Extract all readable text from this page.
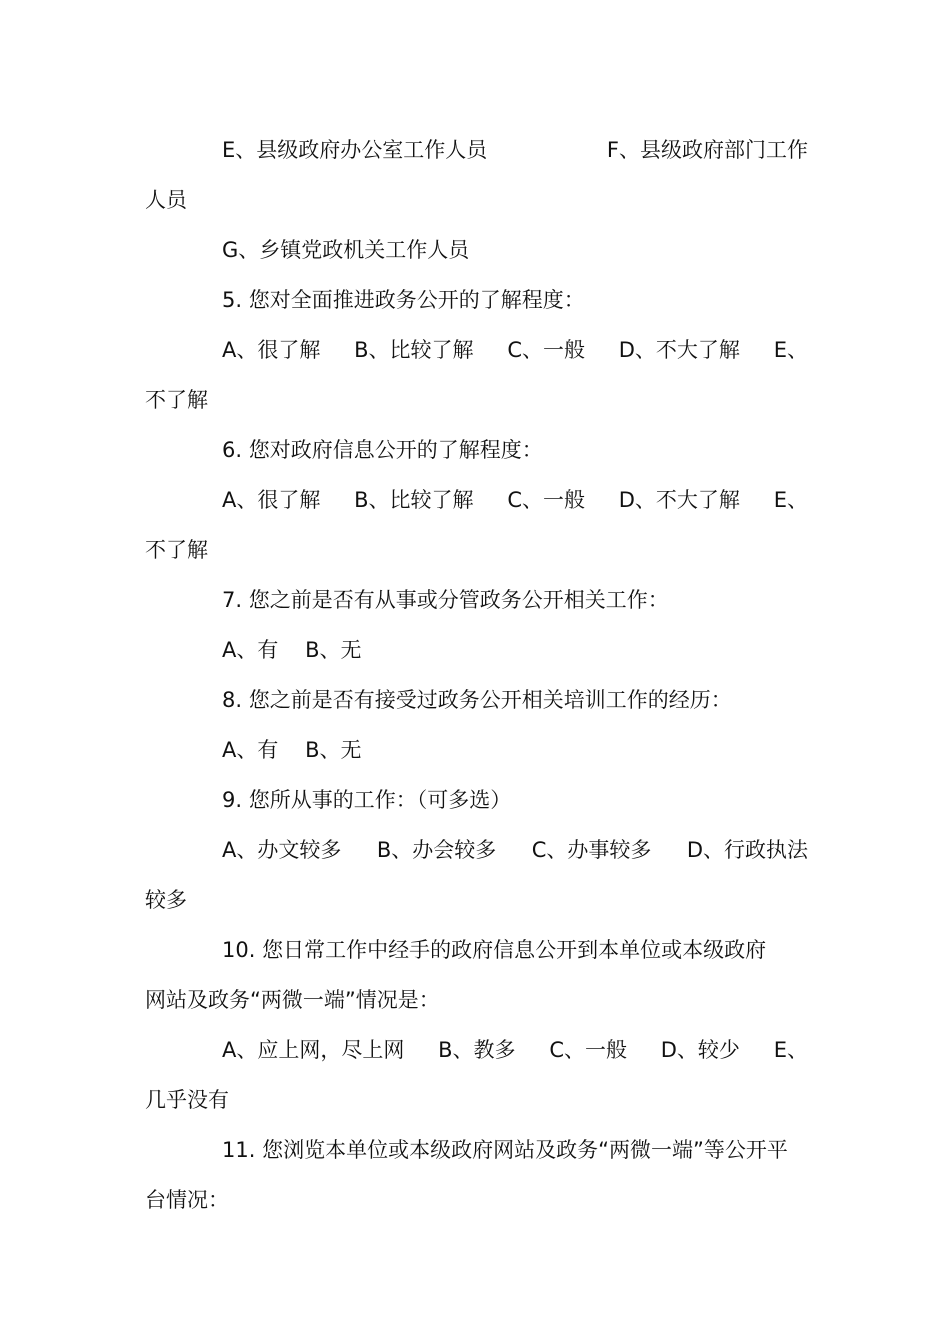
E、县级政府办公室工作人员	F、县级政府部门工作
人员
G、乡镇党政机关工作人员
5. 您对全面推进政务公开的了解程度：
A、很了解 B、比较了解 C、一般 D、不大了解 E、
不了解
6. 您对政府信息公开的了解程度：
A、很了解 B、比较了解 C、一般 D、不大了解 E、
不了解
7. 您之前是否有从事或分管政务公开相关工作：
A、有 B、无
8. 您之前是否有接受过政务公开相关培训工作的经历：
A、有 B、无
9. 您所从事的工作：（可多选）
A、办文较多 B、办会较多 C、办事较多 D、行政执法
较多
10. 您日常工作中经手的政府信息公开到本单位或本级政府
网站及政务“两微一端”情况是：
A、应上网，尽上网 B、教多 C、一般 D、较少 E、
几乎没有
11. 您浏览本单位或本级政府网站及政务“两微一端”等公开平
台情况：
